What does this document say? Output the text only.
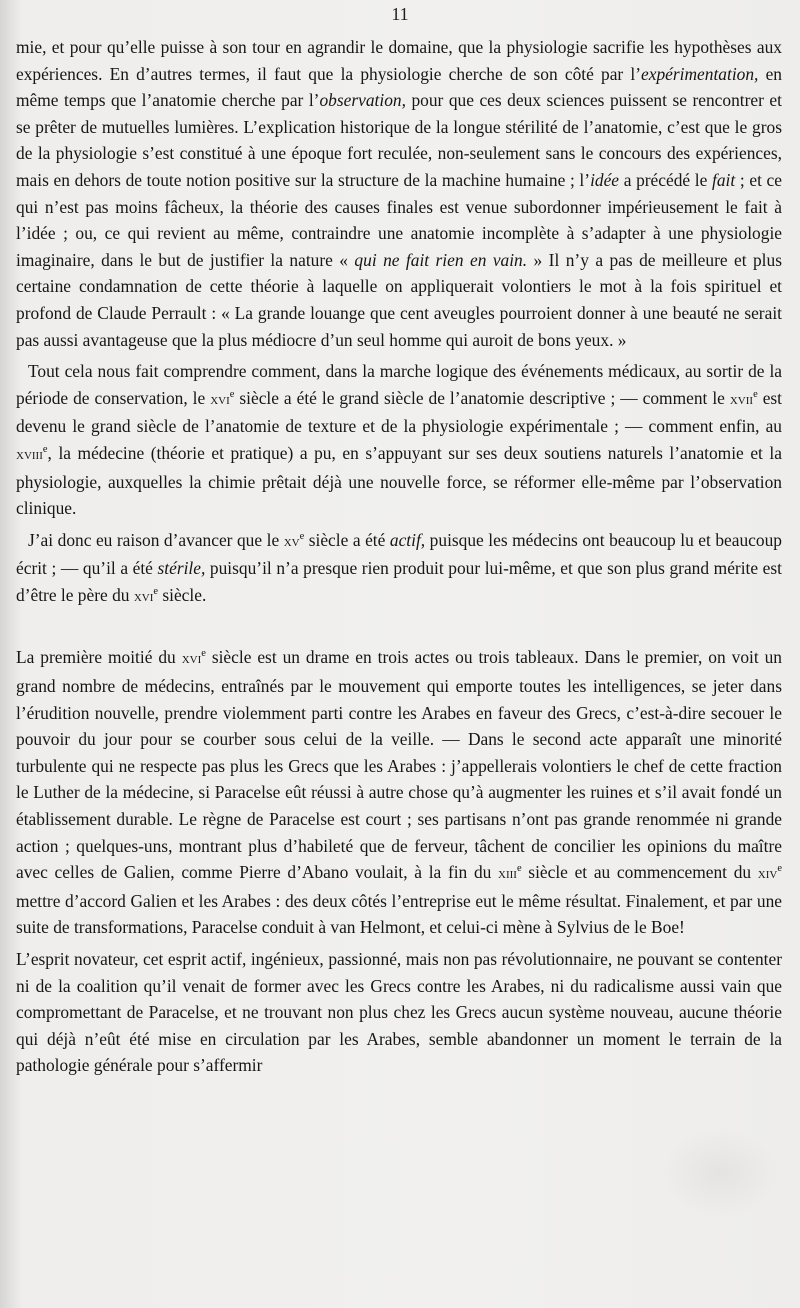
11

mie, et pour qu’elle puisse à son tour en agrandir le domaine, que la physiologie sacrifie les hypothèses aux expériences. En d’autres termes, il faut que la physiologie cherche de son côté par l’expérimentation, en même temps que l’anatomie cherche par l’observation, pour que ces deux sciences puissent se rencontrer et se prêter de mutuelles lumières. L’explication historique de la longue stérilité de l’anatomie, c’est que le gros de la physiologie s’est constitué à une époque fort reculée, non-seulement sans le concours des expériences, mais en dehors de toute notion positive sur la structure de la machine humaine ; l’idée a précédé le fait ; et ce qui n’est pas moins fâcheux, la théorie des causes finales est venue subordonner impérieusement le fait à l’idée ; ou, ce qui revient au même, contraindre une anatomie incomplète à s’adapter à une physiologie imaginaire, dans le but de justifier la nature « qui ne fait rien en vain. » Il n’y a pas de meilleure et plus certaine condamnation de cette théorie à laquelle on appliquerait volontiers le mot à la fois spirituel et profond de Claude Perrault : « La grande louange que cent aveugles pourroient donner à une beauté ne serait pas aussi avantageuse que la plus médiocre d’un seul homme qui auroit de bons yeux. »

Tout cela nous fait comprendre comment, dans la marche logique des événements médicaux, au sortir de la période de conservation, le xvi$^e$ siècle a été le grand siècle de l’anatomie descriptive ; — comment le xvii$^e$ est devenu le grand siècle de l’anatomie de texture et de la physiologie expérimentale ; — comment enfin, au xviii$^e$, la médecine (théorie et pratique) a pu, en s’appuyant sur ses deux soutiens naturels l’anatomie et la physiologie, auxquelles la chimie prêtait déjà une nouvelle force, se réformer elle-même par l’observation clinique.

J’ai donc eu raison d’avancer que le $xv^e$ siècle a été actif, puisque les médecins ont beaucoup lu et beaucoup écrit ; — qu’il a été stérile, puisqu’il n’a presque rien produit pour lui-même, et que son plus grand mérite est d’être le père du xvi$^e$ siècle.

La première moitié du xvi$^e$ siècle est un drame en trois actes ou trois tableaux. Dans le premier, on voit un grand nombre de médecins, entraînés par le mouvement qui emporte toutes les intelligences, se jeter dans l’érudition nouvelle, prendre violemment parti contre les Arabes en faveur des Grecs, c’est-à-dire secouer le pouvoir du jour pour se courber sous celui de la veille. — Dans le second acte apparaît une minorité turbulente qui ne respecte pas plus les Grecs que les Arabes : j’appellerais volontiers le chef de cette fraction le Luther de la médecine, si Paracelse eût réussi à autre chose qu’à augmenter les ruines et s’il avait fondé un établissement durable. Le règne de Paracelse est court ; ses partisans n’ont pas grande renommée ni grande action ; quelques-uns, montrant plus d’habileté que de ferveur, tâchent de concilier les opinions du maître avec celles de Galien, comme Pierre d’Abano voulait, à la fin du xiii$^e$ siècle et au commencement du xiv$^e$ mettre d’accord Galien et les Arabes : des deux côtés l’entreprise eut le même résultat. Finalement, et par une suite de transformations, Paracelse conduit à van Helmont, et celui-ci mène à Sylvius de le Boe!

L’esprit novateur, cet esprit actif, ingénieux, passionné, mais non pas révolutionnaire, ne pouvant se contenter ni de la coalition qu’il venait de former avec les Grecs contre les Arabes, ni du radicalisme aussi vain que compromettant de Paracelse, et ne trouvant non plus chez les Grecs aucun système nouveau, aucune théorie qui déjà n’eût été mise en circulation par les Arabes, semble abandonner un moment le terrain de la pathologie générale pour s’affermir
